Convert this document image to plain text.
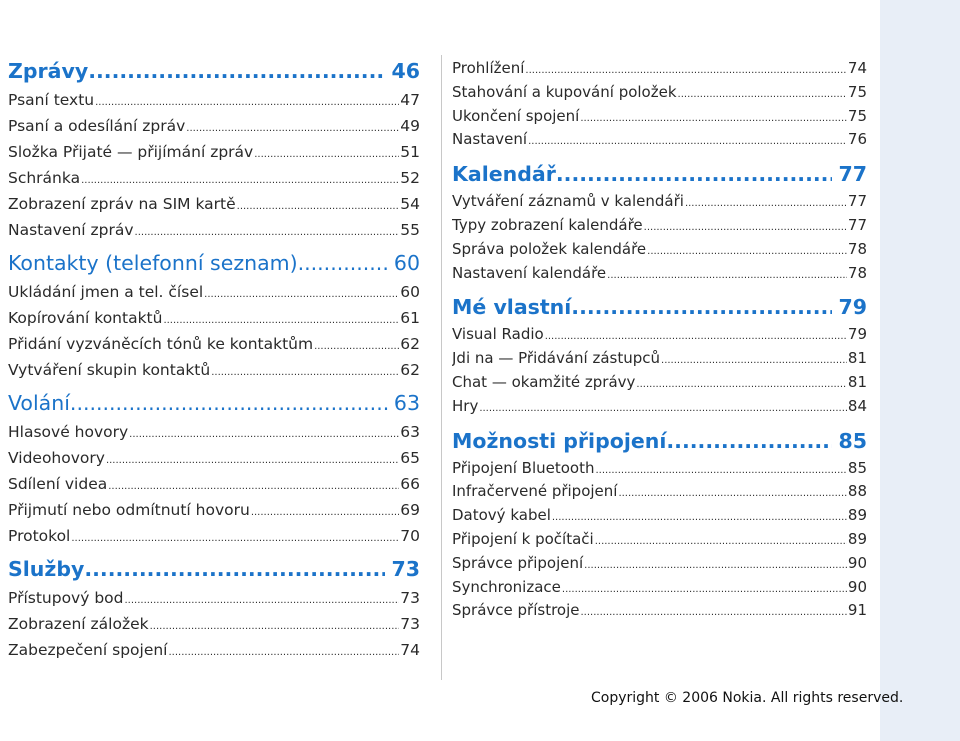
Zprávy .....	46
Psaní textu .....	47
Psaní a odesílání zpráv .....	49
Složka Přijaté — přijímání zpráv .....	51
Schránka .....	52
Zobrazení zpráv na SIM kartě .....	54
Nastavení zpráv .....	55
Kontakty (telefonní seznam) .....	60
Ukládání jmen a tel. čísel .....	60
Kopírování kontaktů .....	61
Přidání vyzváněcích tónů ke kontaktům .....	62
Vytváření skupin kontaktů .....	62
Volání .....	63
Hlasové hovory .....	63
Videohovory .....	65
Sdílení videa .....	66
Přijmutí nebo odmítnutí hovoru .....	69
Protokol .....	70
Služby .....	73
Přístupový bod .....	73
Zobrazení záložek .....	73
Zabezpečení spojení .....	74
Prohlížení .....	74
Stahování a kupování položek .....	75
Ukončení spojení .....	75
Nastavení .....	76
Kalendář .....	77
Vytváření záznamů v kalendáři .....	77
Typy zobrazení kalendáře .....	77
Správa položek kalendáře .....	78
Nastavení kalendáře .....	78
Mé vlastní .....	79
Visual Radio .....	79
Jdi na — Přidávání zástupců .....	81
Chat — okamžité zprávy .....	81
Hry .....	84
Možnosti připojení .....	85
Připojení Bluetooth .....	85
Infračervené připojení .....	88
Datový kabel .....	89
Připojení k počítači .....	89
Správce připojení .....	90
Synchronizace .....	90
Správce přístroje .....	91
Copyright © 2006 Nokia. All rights reserved.
